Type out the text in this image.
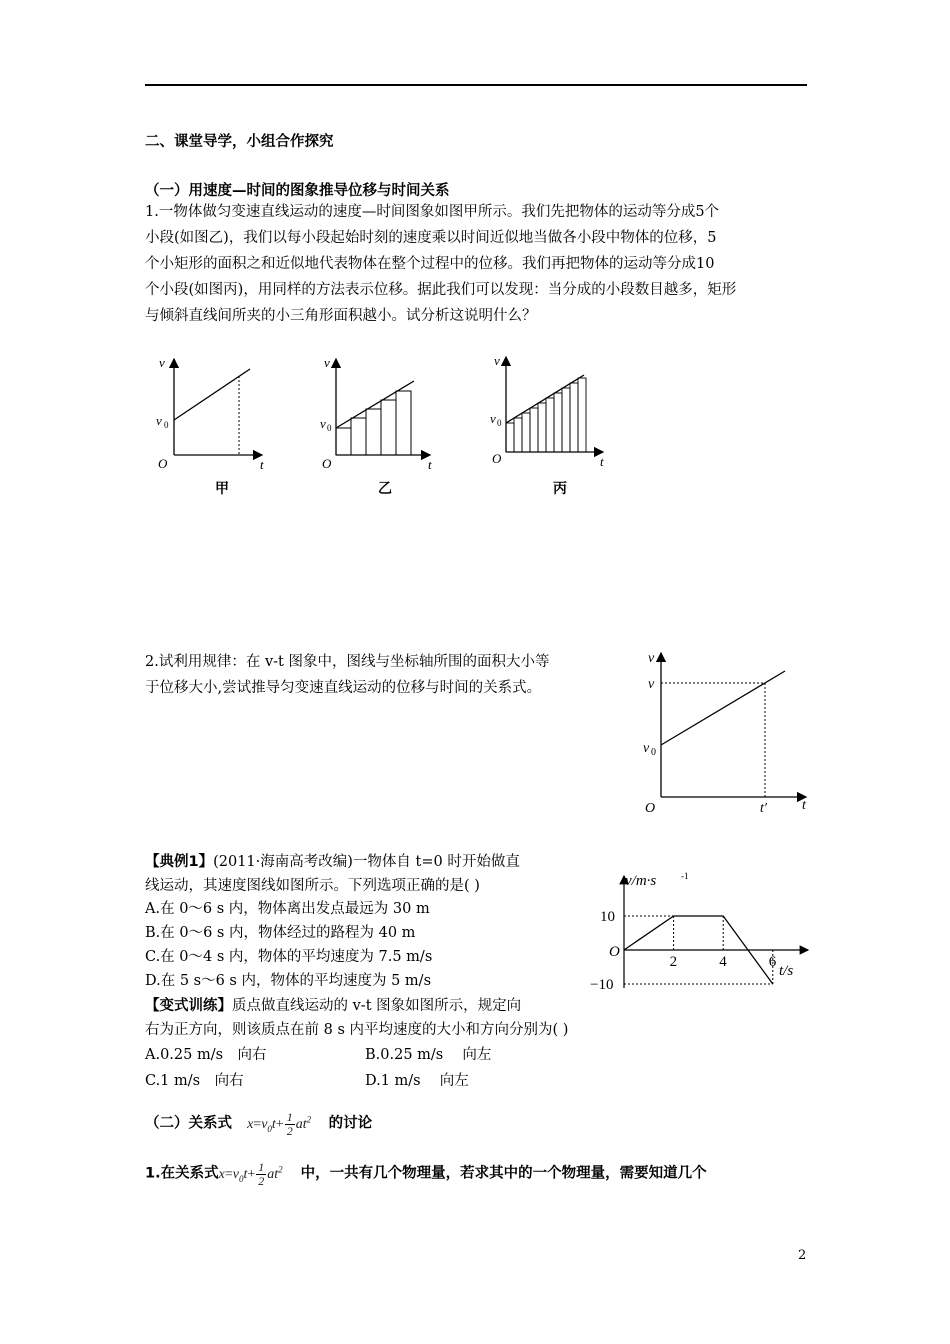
二、课堂导学，小组合作探究
（一）用速度—时间的图象推导位移与时间关系
1.一物体做匀变速直线运动的速度—时间图象如图甲所示。我们先把物体的运动等分成5个
小段(如图乙)，我们以每小段起始时刻的速度乘以时间近似地当做各小段中物体的位移，5
个小矩形的面积之和近似地代表物体在整个过程中的位移。我们再把物体的运动等分成10
个小段(如图丙)，用同样的方法表示位移。据此我们可以发现：当分成的小段数目越多，矩形
与倾斜直线间所夹的小三角形面积越小。试分析这说明什么？
v
v 0
O	t
v
v 0
O	t
v
v 0
O	t
甲	乙	丙
2.试利用规律：在 v-t 图象中，图线与坐标轴所围的面积大小等
于位移大小,尝试推导匀变速直线运动的位移与时间的关系式。
v
v
v 0
O	t′	t
【典例1】(2011·海南高考改编)一物体自 t=0 时开始做直
线运动，其速度图线如图所示。下列选项正确的是( )
A.在 0～6 s 内，物体离出发点最远为 30 m
B.在 0～6 s 内，物体经过的路程为 40 m
C.在 0～4 s 内，物体的平均速度为 7.5 m/s
D.在 5 s～6 s 内，物体的平均速度为 5 m/s
2	4	6
10
−10
v/m·s	-1
t/s
O
【变式训练】质点做直线运动的 v-t 图象如图所示，规定向
右为正方向，则该质点在前 8 s 内平均速度的大小和方向分别为( )
A.0.25 m/s　向右	B.0.25 m/s　 向左
C.1 m/s　向右	D.1 m/s　 向左
（二）关系式 $x=v_0t+ \frac{1}{2} at^2$ 的讨论
1.在关系式$x=v_0t+ \frac{1}{2} at^2$ 中，一共有几个物理量，若求其中的一个物理量，需要知道几个
2
